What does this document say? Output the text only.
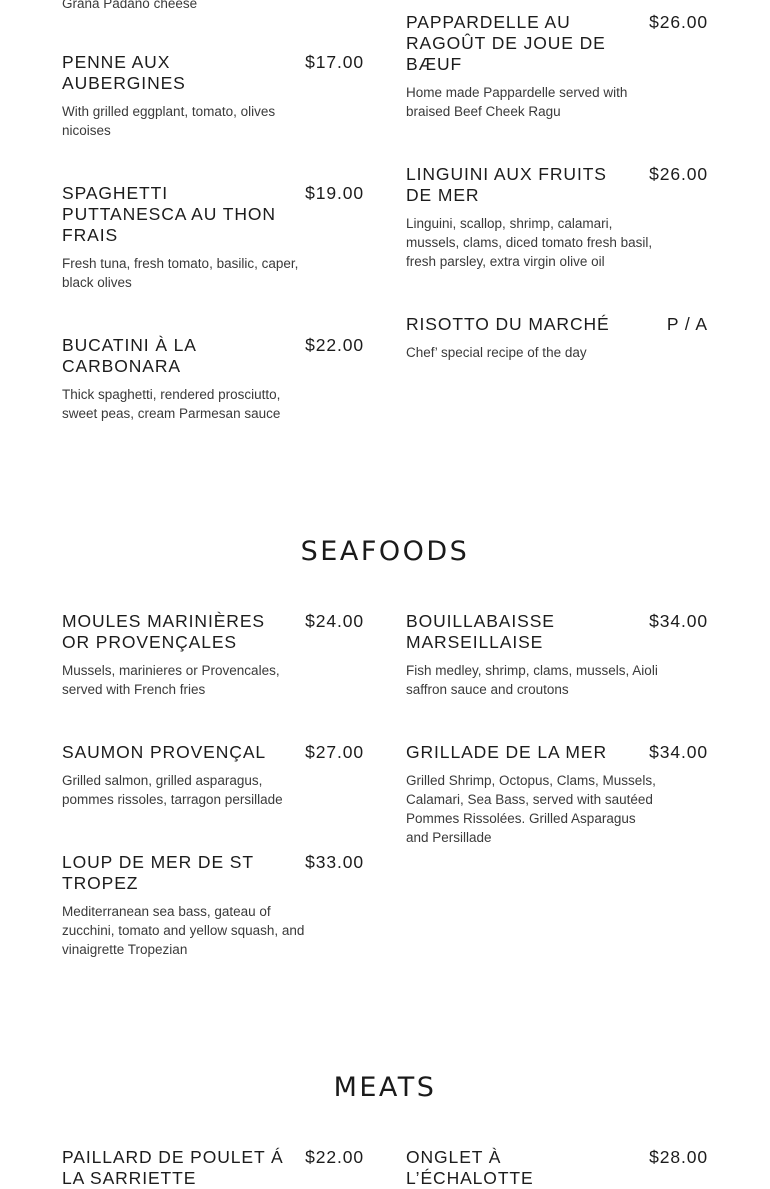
Grana Padano cheese
PENNE AUX AUBERGINES
$17.00
With grilled eggplant, tomato, olives nicoises
SPAGHETTI PUTTANESCA AU THON FRAIS
$19.00
Fresh tuna, fresh tomato, basilic, caper, black olives
BUCATINI À LA CARBONARA
$22.00
Thick spaghetti, rendered prosciutto, sweet peas, cream Parmesan sauce
PAPPARDELLE AU RAGOÛT DE JOUE DE BÆUF
$26.00
Home made Pappardelle served with braised Beef Cheek Ragu
LINGUINI AUX FRUITS DE MER
$26.00
Linguini, scallop, shrimp, calamari, mussels, clams, diced tomato fresh basil, fresh parsley, extra virgin olive oil
RISOTTO DU MARCHÉ	P / A
Chef’ special recipe of the day
SEAFOODS
MOULES MARINIÈRES OR PROVENÇALES
$24.00
Mussels, marinieres or Provencales, served with French fries
SAUMON PROVENÇAL	$27.00
Grilled salmon, grilled asparagus, pommes rissoles, tarragon persillade
LOUP DE MER DE ST TROPEZ
$33.00
Mediterranean sea bass, gateau of zucchini, tomato and yellow squash, and vinaigrette Tropezian
BOUILLABAISSE MARSEILLAISE
$34.00
Fish medley, shrimp, clams, mussels, Aioli saffron sauce and croutons
GRILLADE DE LA MER	$34.00
Grilled Shrimp, Octopus, Clams, Mussels, Calamari, Sea Bass, served with sautéed Pommes Rissolées. Grilled Asparagus and Persillade
MEATS
PAILLARD DE POULET Á LA SARRIETTE
$22.00 ONGLET À L’ÉCHALOTTE
$28.00
